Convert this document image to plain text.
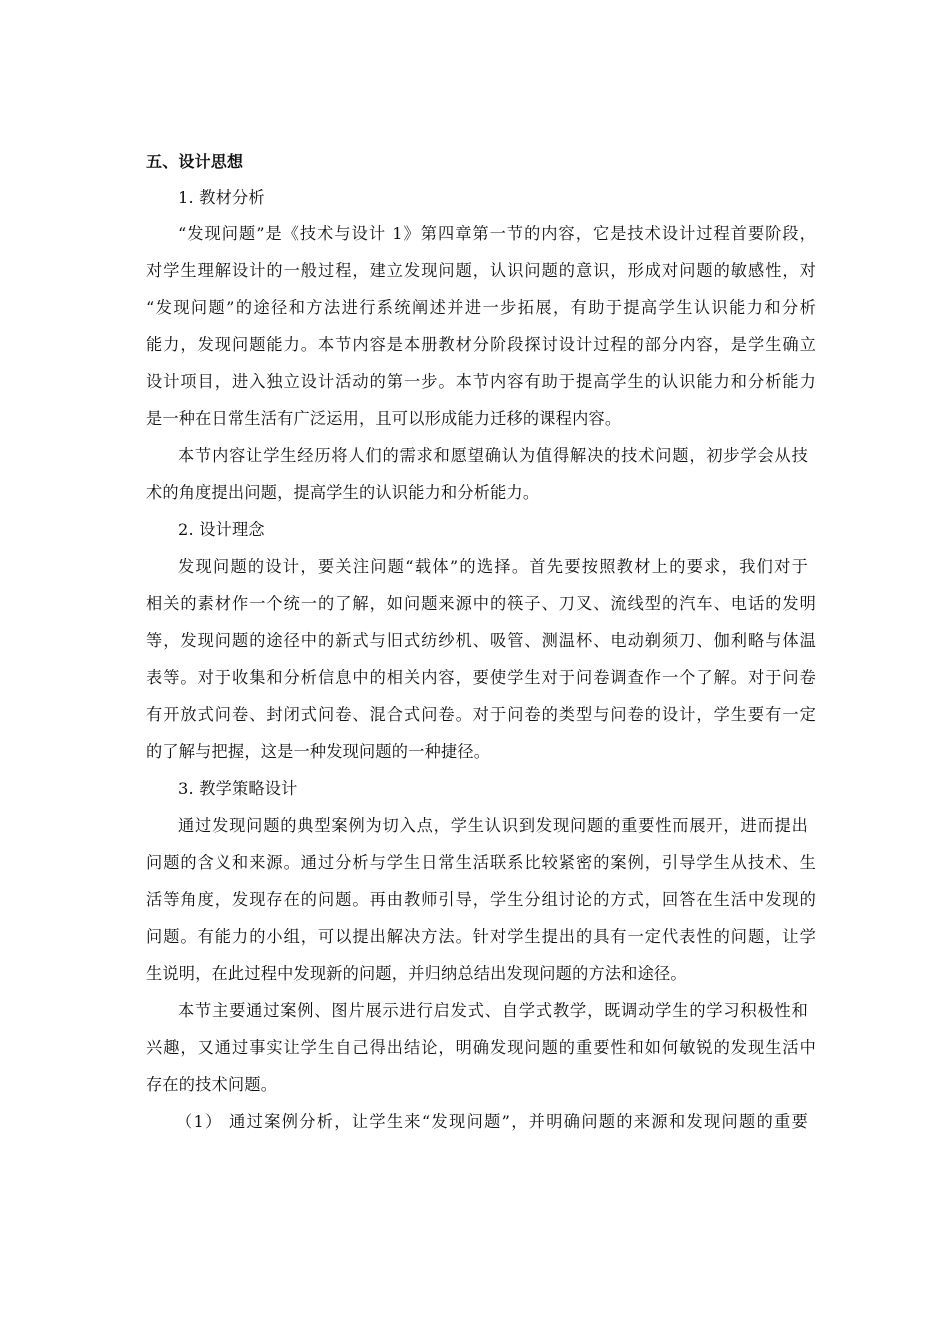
五、设计思想
1. 教材分析
“发现问题”是《技术与设计 1》第四章第一节的内容，它是技术设计过程首要阶段，
对学生理解设计的一般过程，建立发现问题，认识问题的意识，形成对问题的敏感性，对
“发现问题”的途径和方法进行系统阐述并进一步拓展，有助于提高学生认识能力和分析
能力，发现问题能力。本节内容是本册教材分阶段探讨设计过程的部分内容，是学生确立
设计项目，进入独立设计活动的第一步。本节内容有助于提高学生的认识能力和分析能力
是一种在日常生活有广泛运用，且可以形成能力迁移的课程内容。
本节内容让学生经历将人们的需求和愿望确认为值得解决的技术问题，初步学会从技
术的角度提出问题，提高学生的认识能力和分析能力。
2. 设计理念
发现问题的设计，要关注问题“载体”的选择。首先要按照教材上的要求，我们对于
相关的素材作一个统一的了解，如问题来源中的筷子、刀叉、流线型的汽车、电话的发明
等，发现问题的途径中的新式与旧式纺纱机、吸管、测温杯、电动剃须刀、伽利略与体温
表等。对于收集和分析信息中的相关内容，要使学生对于问卷调查作一个了解。对于问卷
有开放式问卷、封闭式问卷、混合式问卷。对于问卷的类型与问卷的设计，学生要有一定
的了解与把握，这是一种发现问题的一种捷径。
3. 教学策略设计
通过发现问题的典型案例为切入点，学生认识到发现问题的重要性而展开，进而提出
问题的含义和来源。通过分析与学生日常生活联系比较紧密的案例，引导学生从技术、生
活等角度，发现存在的问题。再由教师引导，学生分组讨论的方式，回答在生活中发现的
问题。有能力的小组，可以提出解决方法。针对学生提出的具有一定代表性的问题，让学
生说明，在此过程中发现新的问题，并归纳总结出发现问题的方法和途径。
本节主要通过案例、图片展示进行启发式、自学式教学，既调动学生的学习积极性和
兴趣，又通过事实让学生自己得出结论，明确发现问题的重要性和如何敏锐的发现生活中
存在的技术问题。
（1） 通过案例分析，让学生来“发现问题”，并明确问题的来源和发现问题的重要
